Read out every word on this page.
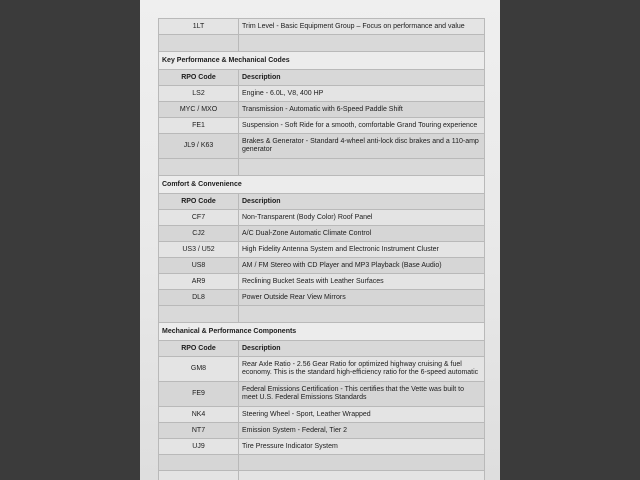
1LT	Trim Level - Basic Equipment Group – Focus on performance and value

Key Performance & Mechanical Codes	
RPO Code	Description
LS2	Engine - 6.0L, V8, 400 HP
MYC / MXO	Transmission - Automatic with 6-Speed Paddle Shift
FE1	Suspension - Soft Ride for a smooth, comfortable Grand Touring experience
JL9 / K63	Brakes & Generator - Standard 4-wheel anti-lock disc brakes and a 110-amp generator

Comfort & Convenience	
RPO Code	Description
CF7	Non-Transparent (Body Color) Roof Panel
CJ2	A/C Dual-Zone Automatic Climate Control
US3 / U52	High Fidelity Antenna System and Electronic Instrument Cluster
US8	AM / FM Stereo with CD Player and MP3 Playback (Base Audio)
AR9	Reclining Bucket Seats with Leather Surfaces
DL8	Power Outside Rear View Mirrors

Mechanical & Performance Components	
RPO Code	Description
GM8	Rear Axle Ratio - 2.56 Gear Ratio for optimized highway cruising & fuel economy. This is the standard high-efficiency ratio for the 6-speed automatic
FE9	Federal Emissions Certification - This certifies that the Vette was built to meet U.S. Federal Emissions Standards
NK4	Steering Wheel - Sport, Leather Wrapped
NT7	Emission System - Federal, Tier 2
UJ9	Tire Pressure Indicator System
